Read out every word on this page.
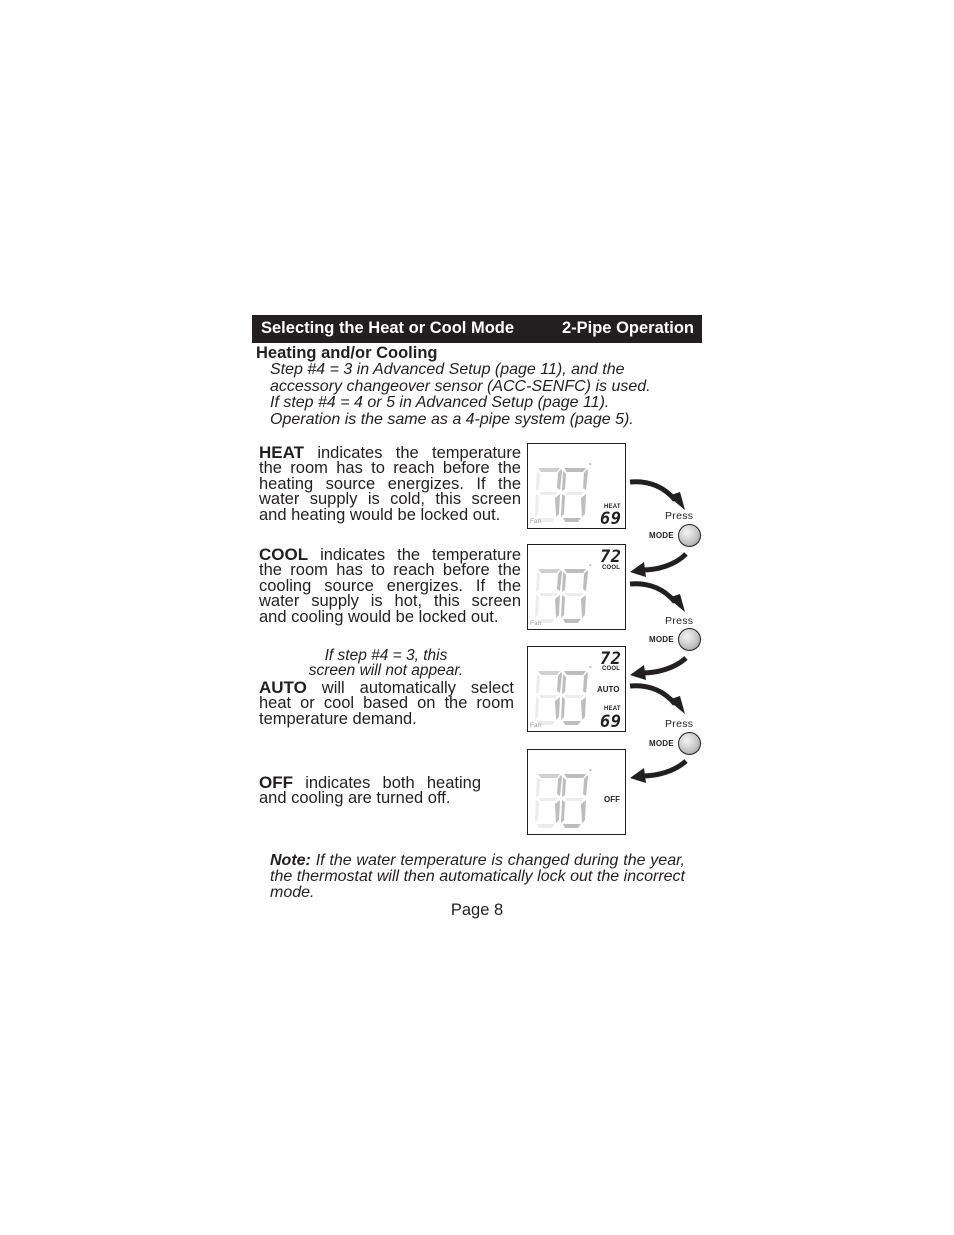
Selecting the Heat or Cool Mode	2-Pipe Operation
Heating and/or Cooling
Step #4 = 3 in Advanced Setup (page 11), and the
accessory changeover sensor (ACC-SENFC) is used.
If step #4 = 4 or 5 in Advanced Setup (page 11).
Operation is the same as a 4-pipe system (page 5).
HEAT indicates the temperature
the room has to reach before the
heating source energizes. If the
water supply is cold, this screen
and heating would be locked out.
COOL indicates the temperature
the room has to reach before the
cooling source energizes. If the
water supply is hot, this screen
and cooling would be locked out.
If step #4 = 3, this
screen will not appear.
AUTO will automatically select
heat or cool based on the room
temperature demand.
OFF indicates both heating
and cooling are turned off.
°
HEAT
69
Fan
°
72
COOL
Fan
°
72
COOL
AUTO
HEAT
69
Fan
°
OFF
Press
MODE
Press
MODE
Press
MODE
Note: If the water temperature is changed during the year, the thermostat will then automatically lock out the incorrect mode.
Page 8
